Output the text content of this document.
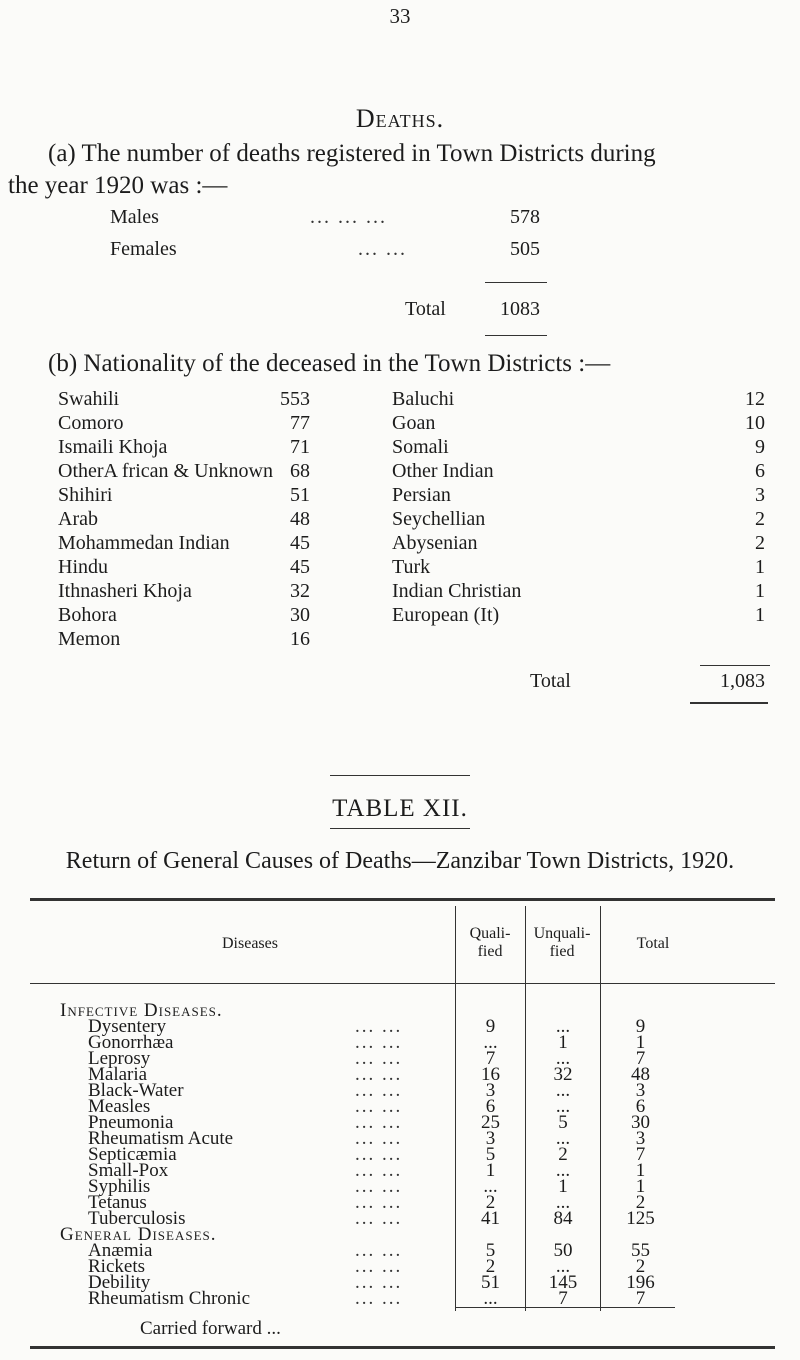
33
Deaths.
(a) The number of deaths registered in Town Districts during
the year 1920 was :—
Males	... ... ...	578
Females	... ...	505
Total	1083
(b) Nationality of the deceased in the Town Districts :—
Swahili	553
Comoro	77
Ismaili Khoja	71
OtherA frican & Unknown 68
Shihiri	51
Arab	48
Mohammedan Indian	45
Hindu	45
Ithnasheri Khoja	32
Bohora	30
Memon	16
Baluchi	12
Goan	10
Somali	9
Other Indian	6
Persian	3
Seychellian	2
Abysenian	2
Turk	1
Indian Christian	1
European (It)	1
Total	1,083
TABLE XII.
Return of General Causes of Deaths—Zanzibar Town Districts, 1920.
Diseases
Quali-fied
Unquali-fied	Total
Infective Diseases.
Dysentery	... ...	9	...	9
Gonorrhæa	... ...	...	1	1
Leprosy	... ...	7	...	7
Malaria	... ...	16	32	48
Black-Water	... ...	3	...	3
Measles	... ...	6	...	6
Pneumonia	... ...	25	5	30
Rheumatism Acute	... ...	3	...	3
Septicæmia	... ...	5	2	7
Small-Pox	... ...	1	...	1
Syphilis	... ...	...	1	1
Tetanus	... ...	2	...	2
Tuberculosis	... ...	41	84	125
General Diseases.
Anæmia	... ...	5	50	55
Rickets	... ...	2	...	2
Debility	... ...	51	145	196
Rheumatism Chronic	... ...	...	7	7
Carried forward ...
